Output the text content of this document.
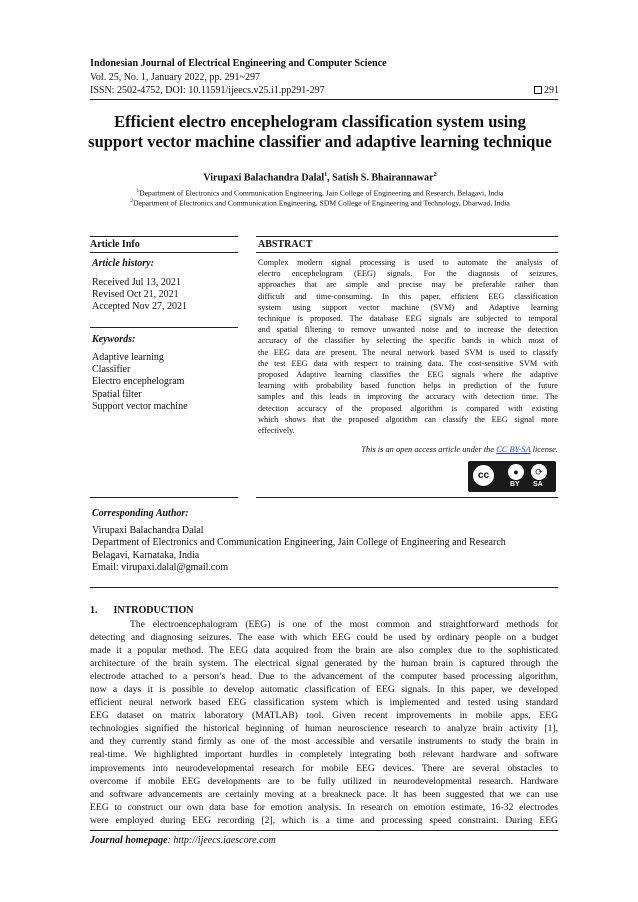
Indonesian Journal of Electrical Engineering and Computer Science
Vol. 25, No. 1, January 2022, pp. 291~297
ISSN: 2502-4752, DOI: 10.11591/ijeecs.v25.i1.pp291-297	291
Efficient electro encephelogram classification system using
support vector machine classifier and adaptive learning technique
Virupaxi Balachandra Dalal$^1$, Satish S. Bhairannawar$^2$
$^1$Department of Electronics and Communication Engineering, Jain College of Engineering and Research, Belagavi, India
$^2$Department of Electronics and Communication Engineering, SDM College of Engineering and Technology, Dharwad, India
Article Info	ABSTRACT
Article history:
Received Jul 13, 2021
Revised Oct 21, 2021
Accepted Nov 27, 2021
Keywords:
Adaptive learning
Classifier
Electro encephelogram
Spatial filter
Support vector machine
Complex modern signal processing is used to automate the analysis of
electro encephelogram (EEG) signals. For the diagnosis of seizures,
approaches that are simple and precise may be preferable rather than
difficult and time-consuming. In this paper, efficient EEG classification
system using support vector machine (SVM) and Adaptive learning
technique is proposed. The database EEG signals are subjected to temporal
and spatial filtering to remove unwanted noise and to increase the detection
accuracy of the classifier by selecting the specific bands in which most of
the EEG data are present. The neural network based SVM is used to classify
the test EEG data with respect to training data. The cost-sensitive SVM with
proposed Adaptive learning classifies the EEG signals where the adaptive
learning with probability based function helps in prediction of the future
samples and this leads in improving the accuracy with detection time. The
detection accuracy of the proposed algorithm is compared with existing
which shows that the proposed algorithm can classify the EEG signal more
effectively.
This is an open access article under the CC BY-SA license.
cc	●	⟳
BY SA
Corresponding Author:
Virupaxi Balachandra Dalal
Department of Electronics and Communication Engineering, Jain College of Engineering and Research
Belagavi, Karnataka, India
Email: virupaxi.dalal@gmail.com
1. INTRODUCTION
The electroencephalogram (EEG) is one of the most common and straightforward methods for
detecting and diagnosing seizures. The ease with which EEG could be used by ordinary people on a budget
made it a popular method. The EEG data acquired from the brain are also complex due to the sophisticated
architecture of the brain system. The electrical signal generated by the human brain is captured through the
electrode attached to a person’s head. Due to the advancement of the computer based processing algorithm,
now a days it is possible to develop automatic classification of EEG signals. In this paper, we developed
efficient neural network based EEG classification system which is implemented and tested using standard
EEG dataset on matrix laboratory (MATLAB) tool. Given recent improvements in mobile apps, EEG
technologies signified the historical beginning of human neuroscience research to analyze brain activity [1],
and they currently stand firmly as one of the most accessible and versatile instruments to study the brain in
real-time. We highlighted important hurdles in completely integrating both relevant hardware and software
improvements into neurodevelopmental research for mobile EEG devices. There are several obstacles to
overcome if mobile EEG developments are to be fully utilized in neurodevelopmental research. Hardware
and software advancements are certainly moving at a breakneck pace. It has been suggested that we can use
EEG to construct our own data base for emotion analysis. In research on emotion estimate, 16-32 electrodes
were employed during EEG recording [2], which is a time and processing speed constraint. During EEG
Journal homepage: http://ijeecs.iaescore.com
